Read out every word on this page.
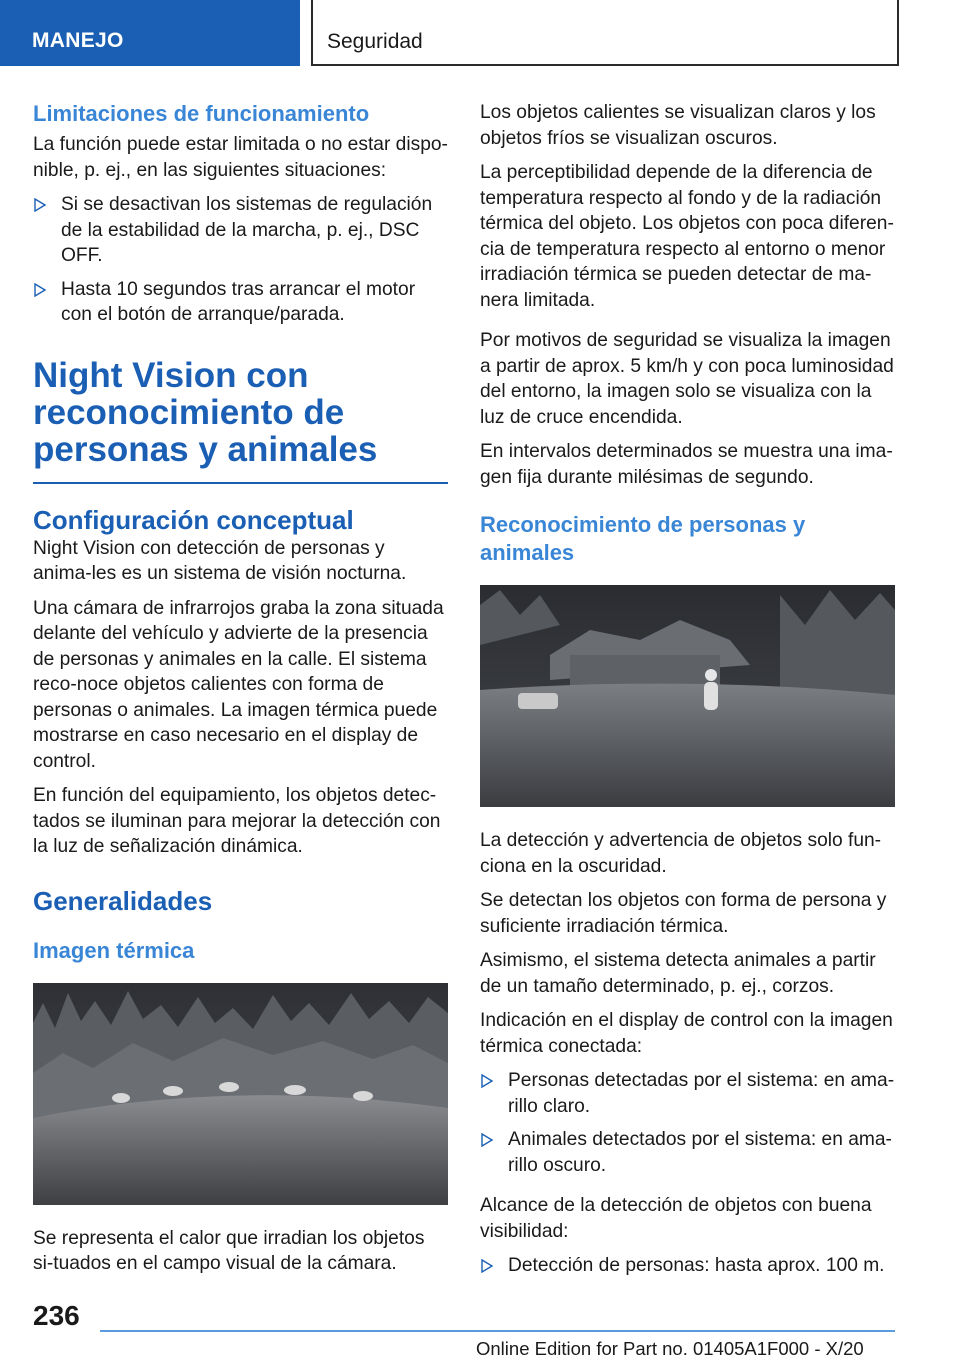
MANEJO	Seguridad
Limitaciones de funcionamiento

La función puede estar limitada o no estar dispo-nible, p. ej., en las siguientes situaciones:

Si se desactivan los sistemas de regulación de la estabilidad de la marcha, p. ej., DSC OFF.
Hasta 10 segundos tras arrancar el motor con el botón de arranque/parada.
Night Vision con reconocimiento de personas y animales
Configuración conceptual

Night Vision con detección de personas y anima-les es un sistema de visión nocturna.

Una cámara de infrarrojos graba la zona situada delante del vehículo y advierte de la presencia de personas y animales en la calle. El sistema reco-noce objetos calientes con forma de personas o animales. La imagen térmica puede mostrarse en caso necesario en el display de control.

En función del equipamiento, los objetos detec-tados se iluminan para mejorar la detección con la luz de señalización dinámica.

Generalidades
Imagen térmica

Se representa el calor que irradian los objetos si-tuados en el campo visual de la cámara.

Los objetos calientes se visualizan claros y los objetos fríos se visualizan oscuros.

La perceptibilidad depende de la diferencia de temperatura respecto al fondo y de la radiación térmica del objeto. Los objetos con poca diferen-cia de temperatura respecto al entorno o menor irradiación térmica se pueden detectar de ma-nera limitada.

Por motivos de seguridad se visualiza la imagen a partir de aprox. 5 km/h y con poca luminosidad del entorno, la imagen solo se visualiza con la luz de cruce encendida.

En intervalos determinados se muestra una ima-gen fija durante milésimas de segundo.

Reconocimiento de personas y animales

La detección y advertencia de objetos solo fun-ciona en la oscuridad.

Se detectan los objetos con forma de persona y suficiente irradiación térmica.

Asimismo, el sistema detecta animales a partir de un tamaño determinado, p. ej., corzos.

Indicación en el display de control con la imagen térmica conectada:

Personas detectadas por el sistema: en ama-rillo claro.
Animales detectados por el sistema: en ama-rillo oscuro.

Alcance de la detección de objetos con buena visibilidad:

Detección de personas: hasta aprox. 100 m.
236
Online Edition for Part no. 01405A1F000 - X/20
